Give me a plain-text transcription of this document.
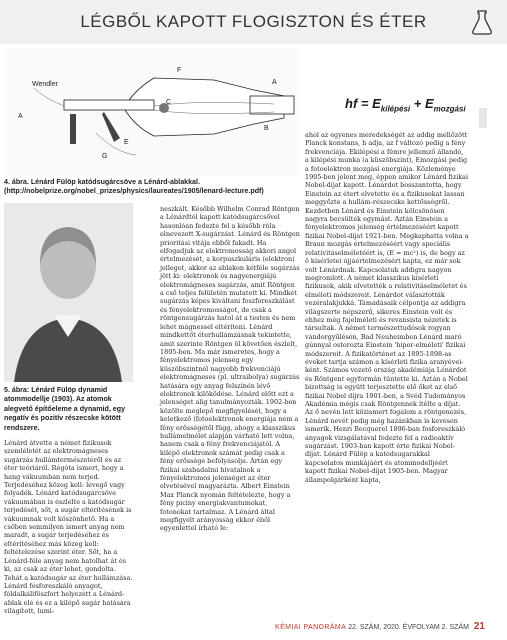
LÉGBŐL KAPOTT FLOGISZTON ÉS ÉTER
Wendler
A
C
F
E
A
B
G
4. ábra. Lénárd Fülöp katódsugárcsöve a Lénárd-ablakkal. (http://nobelprize.org/nobel_prizes/physics/laureates/1905/lenard-lecture.pdf)
5. ábra: Lénárd Fülöp dynamid atommodellje (1903). Az atomok alegvető építőeleme a dynamid, egy negatív és pozitív részecske kötött rendszere.

Lénárd átvette a német fizikusok szemléletét az elektromágneses sugárzás hullámtermészetéről és az éter teóriáról. Régóta ismert, hogy a hang vákuumban nem terjed. Terjedéséhez közeg kell: levegő vagy folyadék. Lénárd katódsugárcsöve vákuumában is észlelte a katódsugár terjedését, sőt, a sugár eltérítésének is vákuumnak volt köszönhető. Ha a csőben semmilyen ismert anyag nem maradt, a sugár terjedéséhez és eltérítéséhez más közeg kell: feltételezése szerint éter. Sőt, ha a Lénárd-féle anyag nem hatolhat át és ki, az csak az éter lehet, gondolta. Tehát a katódsugár az éter hullámzása. Lénárd fosforeszkáló anyagot, fóldalkáliföszfort helyezett a Lénárd-ablak elé és ez a kilépő sugár hatására világított, lumi-

neszkált. Később Wilhelm Conrad Röntgen a Lénárdtól kapott katódsugárcsővel hasonlóan fedezte fel a később róla elnevezett X-sugárzást. Lénárd és Röntgen prioritási vitája ebből fakadt. Ha elfogadjuk az elektromosság akkori angol értelmezését, a korpuszkuláris (elektron) jelleget, akkor az ablakon kétféle sugárzás jött ki: elektronok és nagyenergiájú elektromágneses sugárzás, amit Röntgen a cső teljes felületén mutatott ki. Mindkét sugárzás képes kiváltani foszforeszkálást és fényelektromosságot, de csak a röntgensugárzás hatol át a testen és nem lehet mágnessel eltéríteni. Lénárd mindkettőt éterhullámzásnak tekintette, amit szerinte Röntgen öl követően észlelt, 1895-ben. Ma már ismeretes, hogy a fényelektromos jelenség egy küszöbszintnél nagyobb frekvenciájú elektromágneses (pl. ultraibolya) sugárzás hatására egy anyag felszínén lévő elektronok kilökődése. Lénárd előtt ezt a jelenséget alig tanulmányozták. 1902-ben közölte meglepő megfigyelését, hogy a keletkező (fotoelektronok energiája nem a fény erősségétől függ, ahogy a klasszikus hullámelmélet alapján várható lett volna, hanem csak a fény frekvenciájától. A kilépő elektronok számát pedig csak a fény erőssége befolyásolja. Ártán egy fizikai szabadalmi hivatalnok a fényelektromos jelenséget az éter elvetésével magyarázta. Albert Einstein Max Planck nyomán feltételezte, hogy a fény piciny energiakvantumokat, fotonokat tartalmaz. A Lénárd által megfigyelt arányosság ekkor éből egyenlettel írható le:

hf = $E_{kilépési} + E_{mozgási}$

ahol az egyenes meredekségét az addig mellőzött Planck konstans, h adja, az f változó pedig a fény frekvenciája. Ekilépési a fémre jellemző állandó, a kilépési munka (a küszöbszint), Emozgási pedig a fotoelektron mozgási energiája. Közleménye 1905-ben jelent meg, éppen amikor Lénárd fizikai Nobel-díjat kapott. Lénárdot bosszantotta, hogy Einstein az étert elvetette és a fizikusokat lassan meggyőzte a hullám-részecske kettősségről. Kezdetben Lénárd és Einstein kölcsönösen nagyra becsülték egymást. Aztán Einstein a fényelektromos jelenség értelmezéséért kapott fizikai Nobel-díjat 1921-ben. Megkaphatta volna a Braun mozgás értelmezéséért vagy speciális relativitáselméletéért is, (E = mc²) is, de hogy az ő kísérletei újjáértelmezésért kapta, ez már sok volt Lénárdnak. Kapcsolatuk addigra nagyon megromlott. A német klasszikus kísérleti fizikusok, akik elvetették a relativitáselméletet és elméleti módszereit. Lénárdot választották vezéralakjukká. Támadásaik célpontja az addigra világszerte népszerű, sikeres Einstein volt és ehhez még fajelméleti és revansista nézetek is társultak. A német természettudósok rogyan vándorgyűlésén, Bad Neuheimben Lénárd maró gúnnyal ostorozta Einstein 'hiper-elméleti' fizikai módszereit. A fizikatörténet az 1895-1898-as éveket tartja számon a kísérleti fizika aranyévei-ként. Számos vezető ország akadémiája Lénárdot és Röntgent egyformán tüntette ki. Aztán a Nobel bizottság is együtt terjesztette elő őket az első fizikai Nobel díjra 1901-ben, a Svéd Tudományos Akadémia mégis csak Röntgennek ítélte a díjat. Az ő nevén lett közismert fogalom a röntgenezés, Lénárd nevét pedig még hazánkban is kevesen ismerik. Henri Becquerel 1896-ban fosforeszkáló anyagok vizsgálatával fedezte fel a radioaktív sugárzást. 1903-ban kapott érte fizikai Nobel-díjat. Lénárd Fülöp a katódsugarakkal kapcsolatos munkájáért és atommodelljéért kapott fizikai Nobel-díjat 1905-ben. Magyar állampolgárként kapta,

KÉMIAI PANORÁMA 22. SZÁM, 2020. ÉVFOLYAM 2. SZÁM 21
